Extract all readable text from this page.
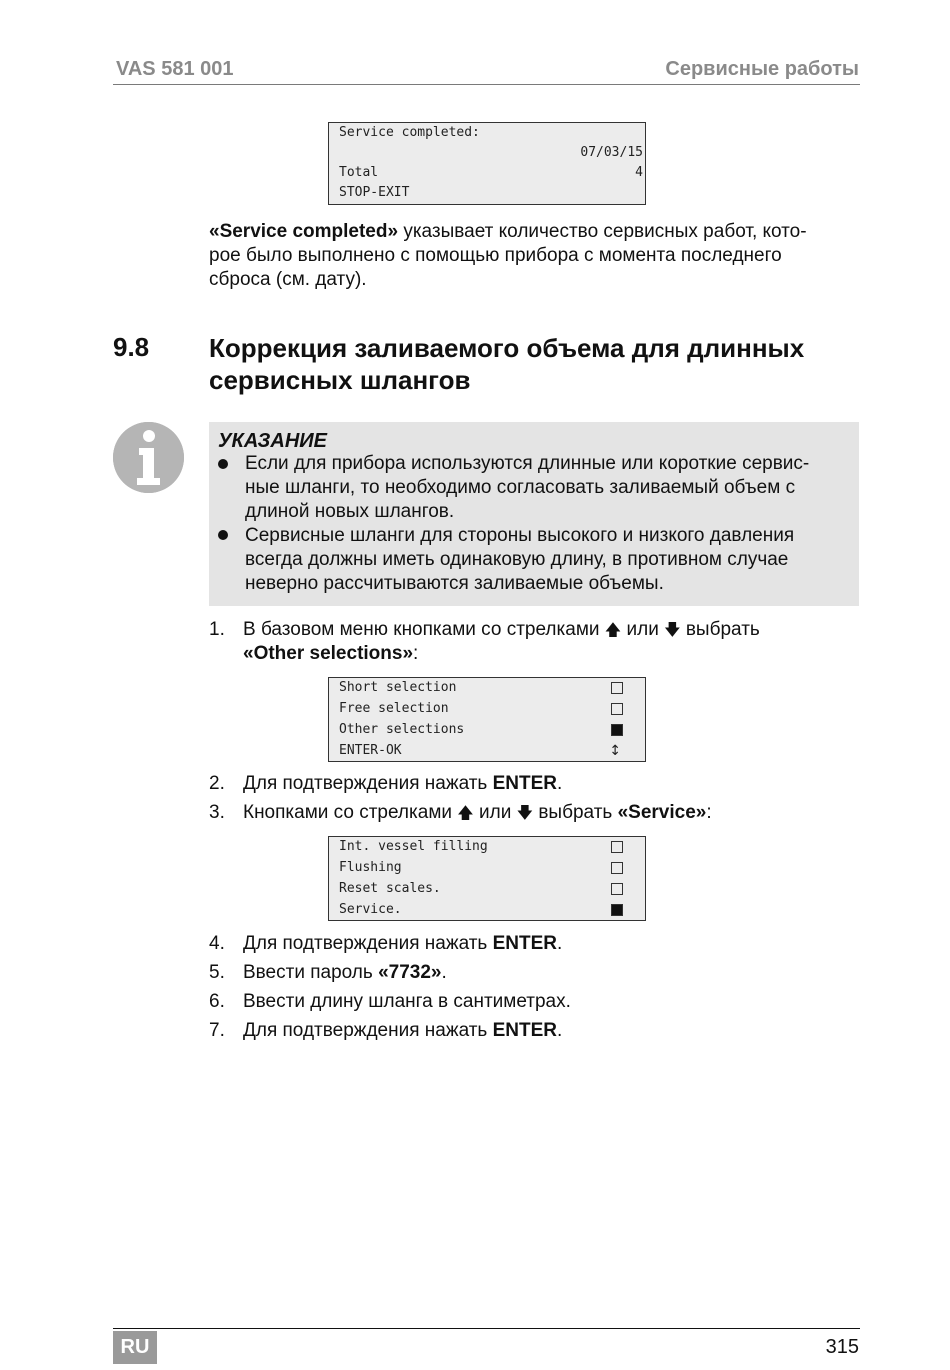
VAS 581 001	Сервисные работы
Service completed:
07/03/15
Total	4
STOP-EXIT
«Service completed» указывает количество сервисных работ, кото-
рое было выполнено с помощью прибора с момента последнего
сброса (см. дату).
9.8 Коррекция заливаемого объема для длинных
сервисных шлангов
УКАЗАНИЕ
Если для прибора используются длинные или короткие сервис-
ные шланги, то необходимо согласовать заливаемый объем с
длиной новых шлангов.
Сервисные шланги для стороны высокого и низкого давления
всегда должны иметь одинаковую длину, в противном случае
неверно рассчитываются заливаемые объемы.
1. В базовом меню кнопками со стрелками 🡅 или 🡇 выбрать
«Other selections»:
Short selection
Free selection
Other selections
ENTER-OK	↕
2. Для подтверждения нажать ENTER.
3. Кнопками со стрелками 🡅 или 🡇 выбрать «Service»:
Int. vessel filling
Flushing
Reset scales.
Service.
4. Для подтверждения нажать ENTER.
5. Ввести пароль «7732».
6. Ввести длину шланга в сантиметрах.
7. Для подтверждения нажать ENTER.
RU	315
